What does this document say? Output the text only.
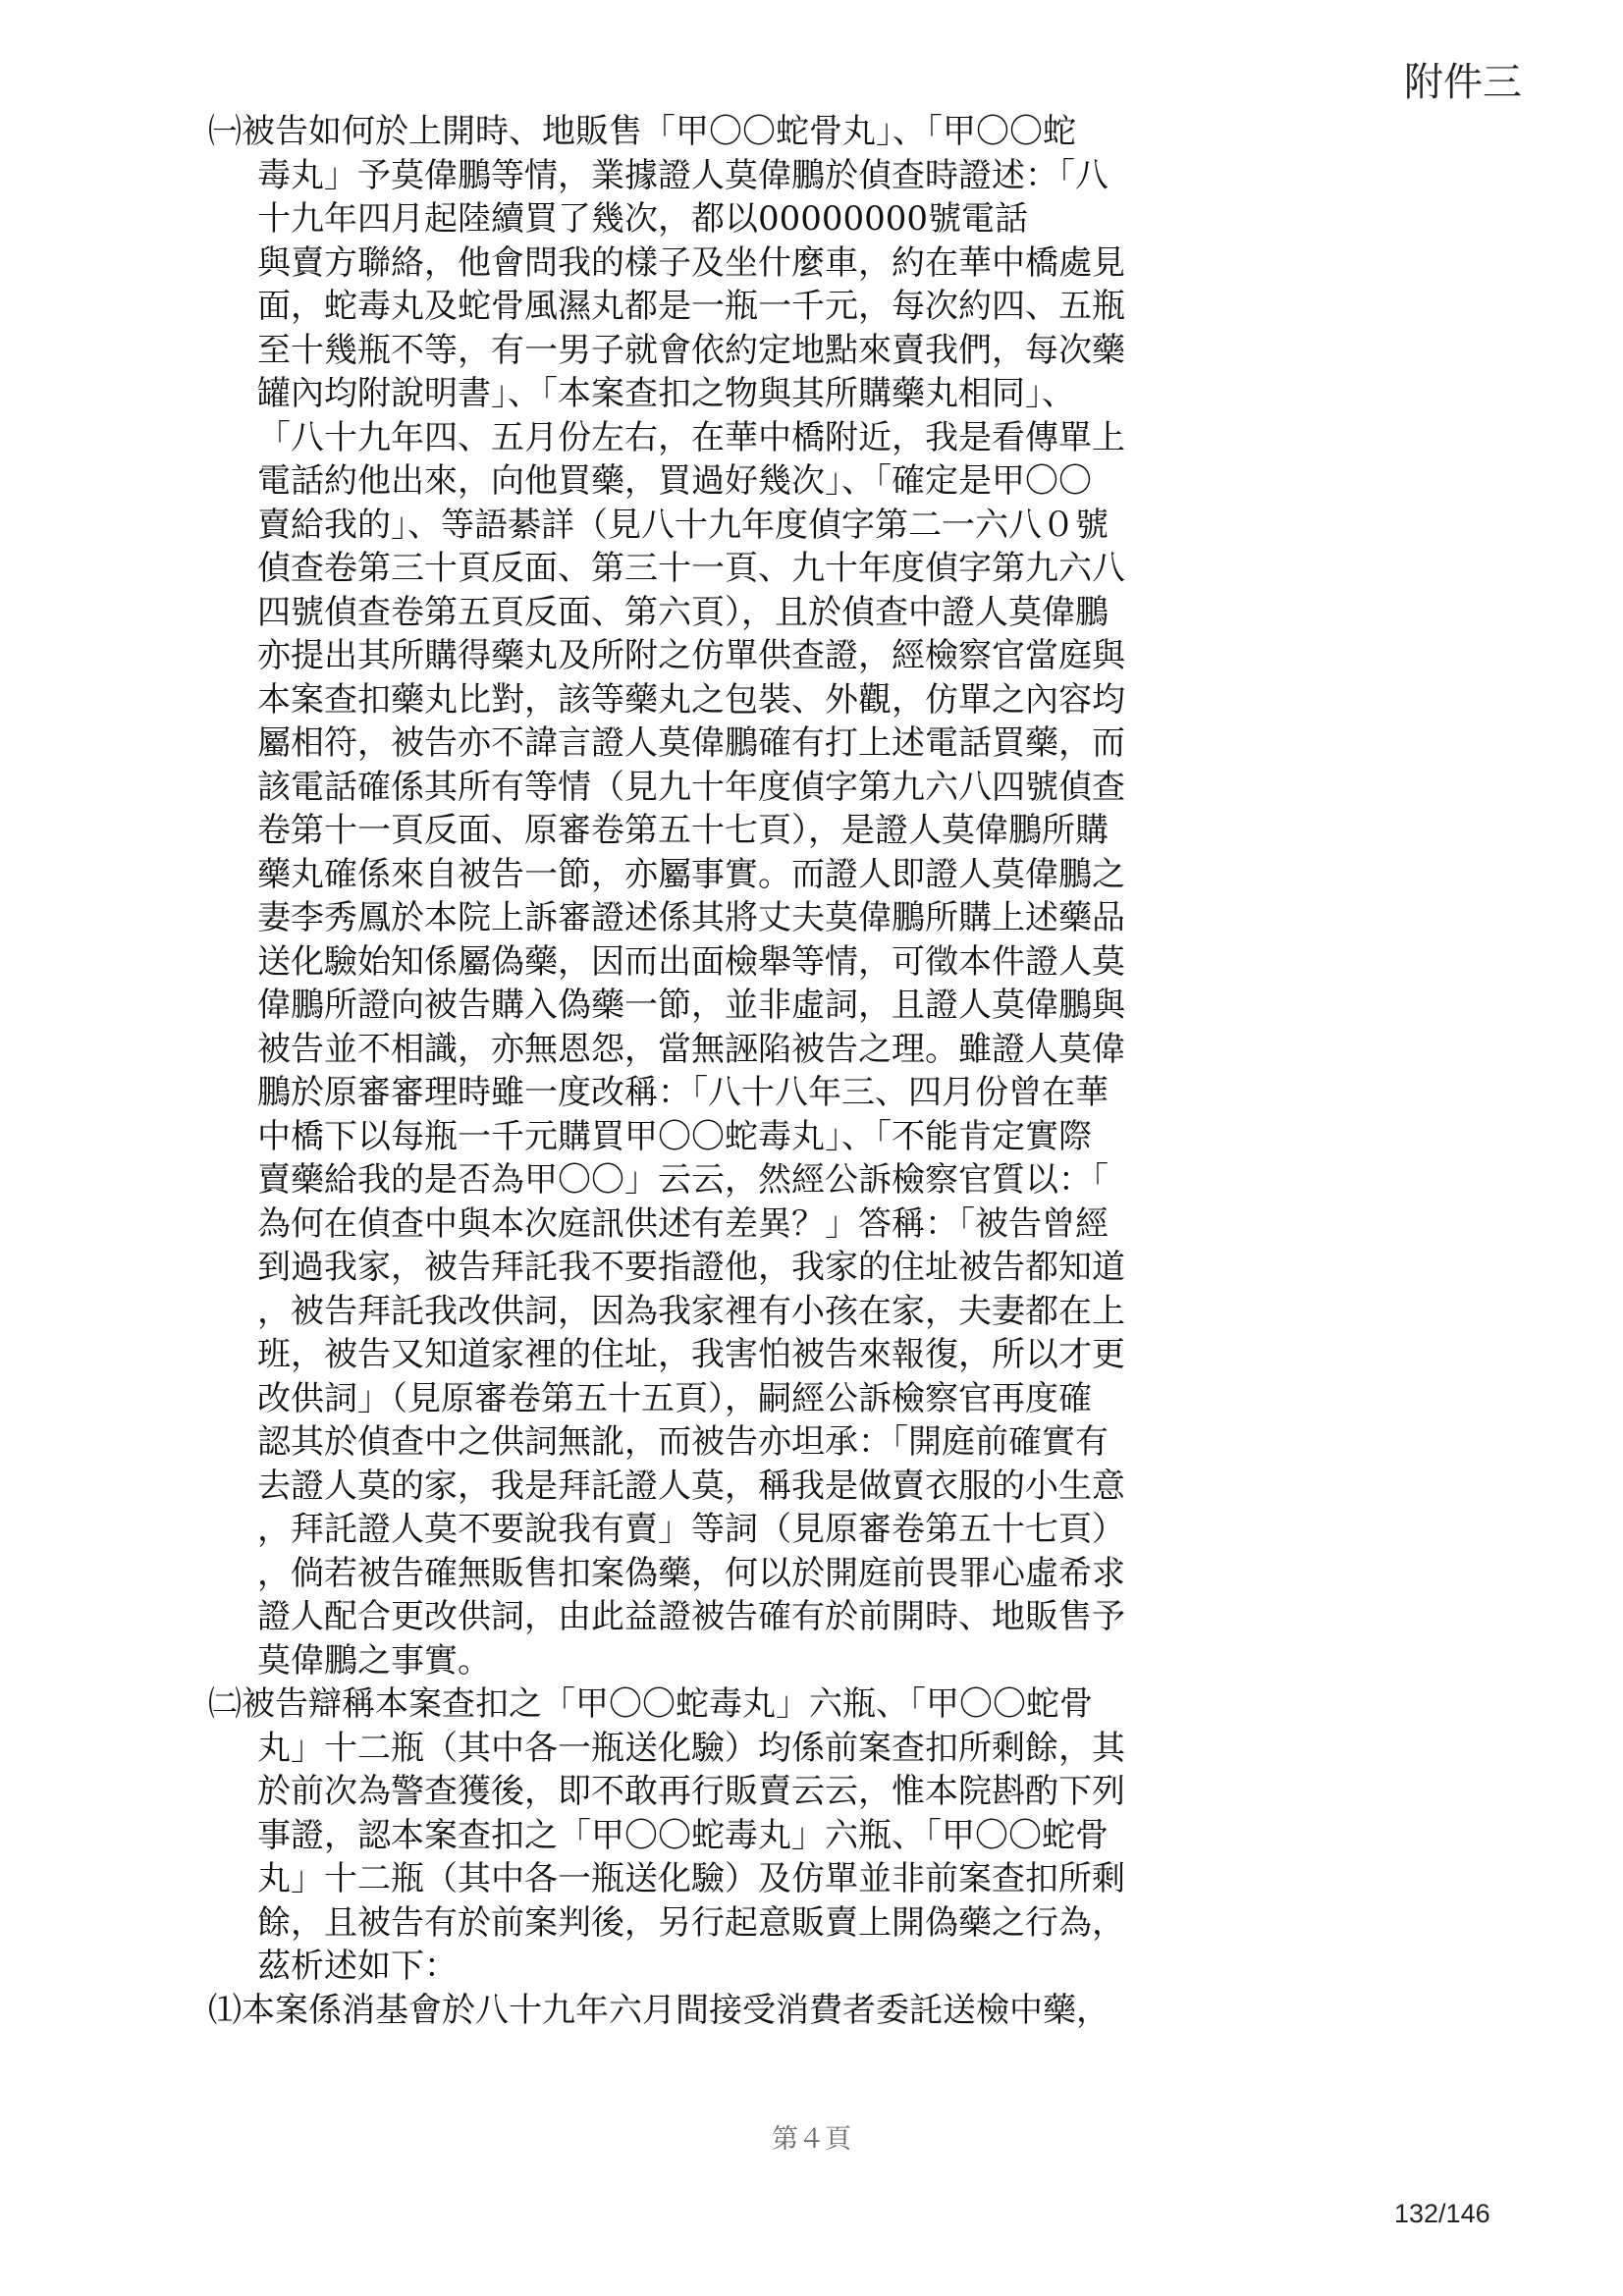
附件三
㈠被告如何於上開時、地販售「甲〇〇蛇骨丸」、「甲〇〇蛇
毒丸」予莫偉鵬等情，業據證人莫偉鵬於偵查時證述：「八
十九年四月起陸續買了幾次，都以00000000號電話
與賣方聯絡，他會問我的樣子及坐什麼車，約在華中橋處見
面，蛇毒丸及蛇骨風濕丸都是一瓶一千元，每次約四、五瓶
至十幾瓶不等，有一男子就會依約定地點來賣我們，每次藥
罐內均附說明書」、「本案查扣之物與其所購藥丸相同」、
「八十九年四、五月份左右，在華中橋附近，我是看傳單上
電話約他出來，向他買藥，買過好幾次」、「確定是甲〇〇
賣給我的」、等語綦詳（見八十九年度偵字第二一六八０號
偵查卷第三十頁反面、第三十一頁、九十年度偵字第九六八
四號偵查卷第五頁反面、第六頁），且於偵查中證人莫偉鵬
亦提出其所購得藥丸及所附之仿單供查證，經檢察官當庭與
本案查扣藥丸比對，該等藥丸之包裝、外觀，仿單之內容均
屬相符，被告亦不諱言證人莫偉鵬確有打上述電話買藥，而
該電話確係其所有等情（見九十年度偵字第九六八四號偵查
卷第十一頁反面、原審卷第五十七頁），是證人莫偉鵬所購
藥丸確係來自被告一節，亦屬事實。而證人即證人莫偉鵬之
妻李秀鳳於本院上訴審證述係其將丈夫莫偉鵬所購上述藥品
送化驗始知係屬偽藥，因而出面檢舉等情，可徵本件證人莫
偉鵬所證向被告購入偽藥一節，並非虛詞，且證人莫偉鵬與
被告並不相識，亦無恩怨，當無誣陷被告之理。雖證人莫偉
鵬於原審審理時雖一度改稱：「八十八年三、四月份曾在華
中橋下以每瓶一千元購買甲〇〇蛇毒丸」、「不能肯定實際
賣藥給我的是否為甲〇〇」云云，然經公訴檢察官質以：「
為何在偵查中與本次庭訊供述有差異？」答稱：「被告曾經
到過我家，被告拜託我不要指證他，我家的住址被告都知道
，被告拜託我改供詞，因為我家裡有小孩在家，夫妻都在上
班，被告又知道家裡的住址，我害怕被告來報復，所以才更
改供詞」（見原審卷第五十五頁），嗣經公訴檢察官再度確
認其於偵查中之供詞無訛，而被告亦坦承：「開庭前確實有
去證人莫的家，我是拜託證人莫，稱我是做賣衣服的小生意
，拜託證人莫不要說我有賣」等詞（見原審卷第五十七頁）
，倘若被告確無販售扣案偽藥，何以於開庭前畏罪心虛希求
證人配合更改供詞，由此益證被告確有於前開時、地販售予
莫偉鵬之事實。
㈡被告辯稱本案查扣之「甲〇〇蛇毒丸」六瓶、「甲〇〇蛇骨
丸」十二瓶（其中各一瓶送化驗）均係前案查扣所剩餘，其
於前次為警查獲後，即不敢再行販賣云云，惟本院斟酌下列
事證，認本案查扣之「甲〇〇蛇毒丸」六瓶、「甲〇〇蛇骨
丸」十二瓶（其中各一瓶送化驗）及仿單並非前案查扣所剩
餘，且被告有於前案判後，另行起意販賣上開偽藥之行為，
茲析述如下：
⑴本案係消基會於八十九年六月間接受消費者委託送檢中藥，
第４頁
132/146
